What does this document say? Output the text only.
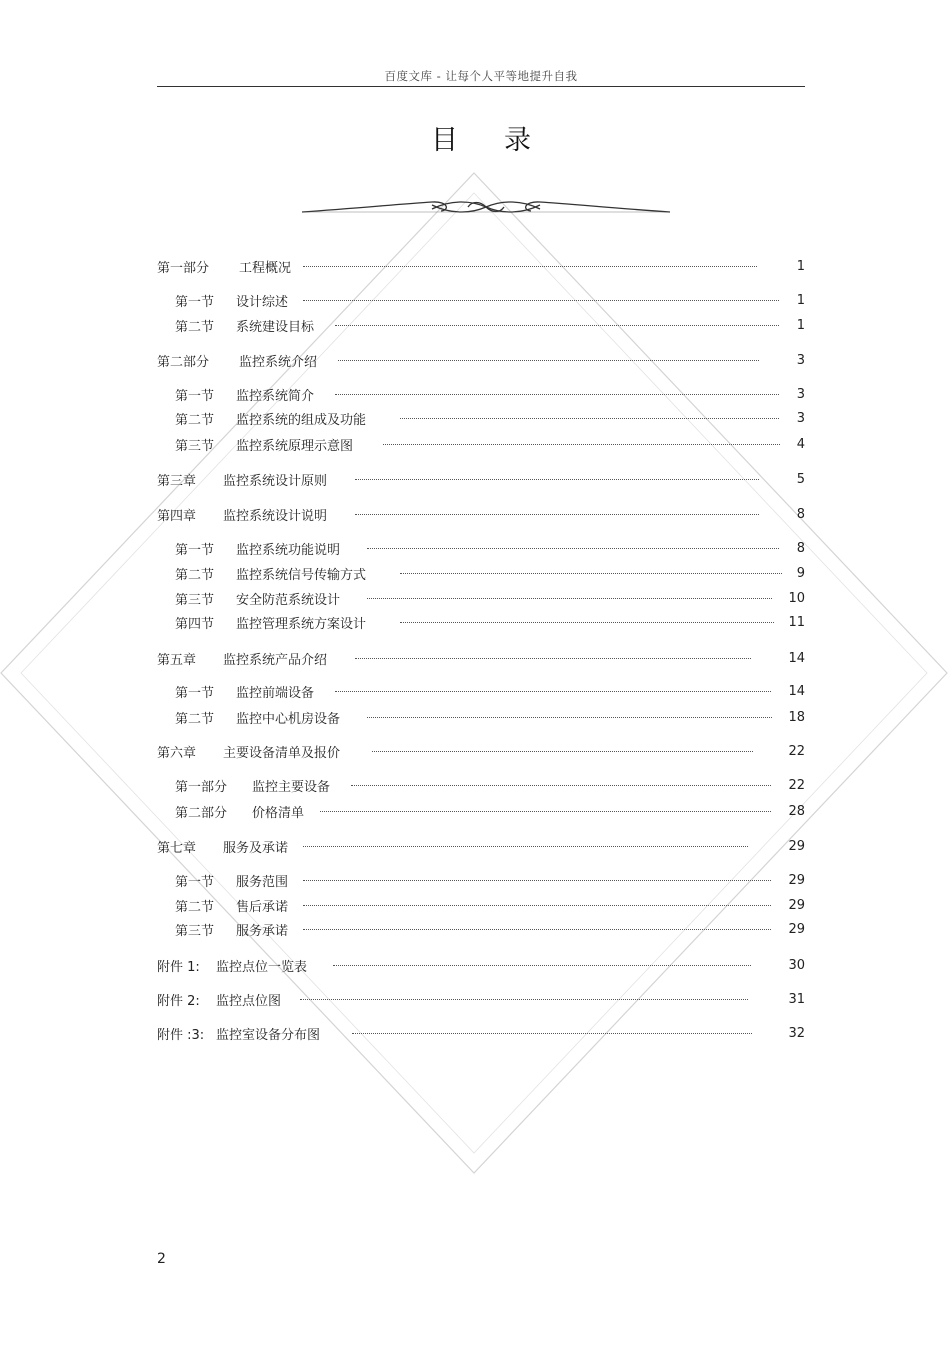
百度文库 - 让每个人平等地提升自我
目录
第一部分 工程概况	1
第一节 设计综述	1
第二节 系统建设目标	1
第二部分 监控系统介绍	3
第一节 监控系统简介	3
第二节 监控系统的组成及功能	3
第三节 监控系统原理示意图	4
第三章 监控系统设计原则	5
第四章 监控系统设计说明	8
第一节 监控系统功能说明	8
第二节 监控系统信号传输方式	9
第三节 安全防范系统设计	10
第四节 监控管理系统方案设计	11
第五章 监控系统产品介绍	14
第一节 监控前端设备	14
第二节 监控中心机房设备	18
第六章 主要设备清单及报价	22
第一部分 监控主要设备	22
第二部分 价格清单	28
第七章 服务及承诺	29
第一节 服务范围	29
第二节 售后承诺	29
第三节 服务承诺	29
附件 1: 监控点位一览表	30
附件 2: 监控点位图	31
附件 :3: 监控室设备分布图	32
2
